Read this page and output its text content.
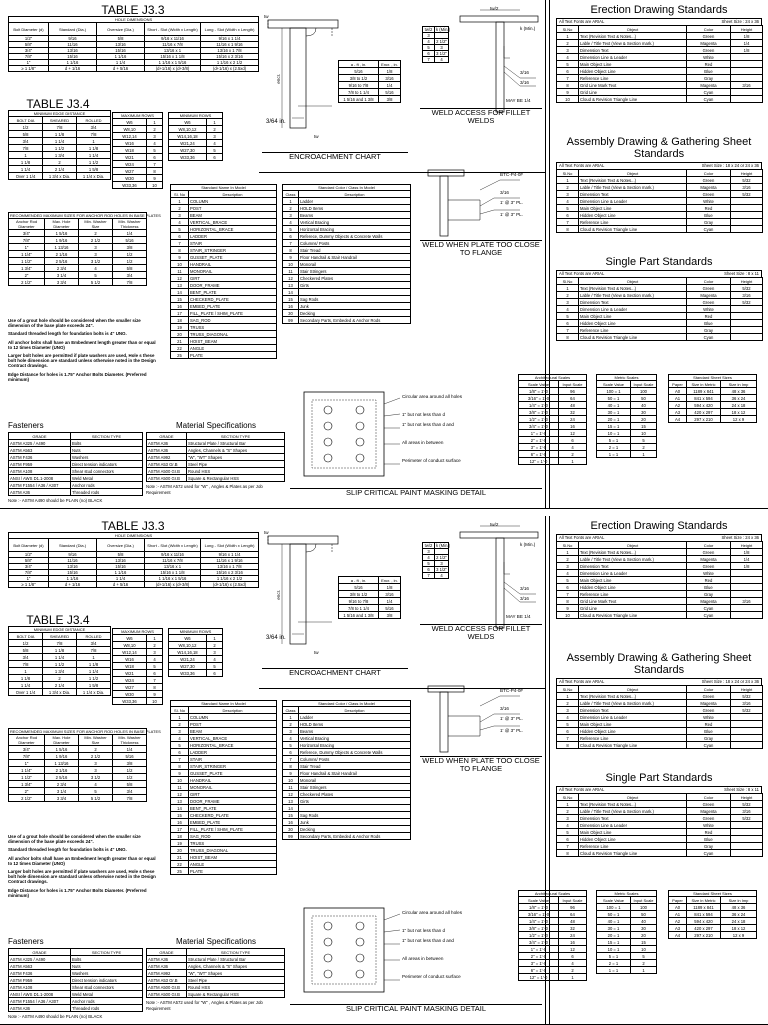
TABLE J3.3
HOLE DIMENSIONS				
Bolt Diameter (d)	Standard (Dia.)	Oversize (Dia.)	Short - Slot (Width x Length)	Long - Slot (Width x Length)
1/2"	9/16	5/8	9/16 x 11/16	9/16 x 1 1/4
5/8"	11/16	13/16	11/16 x 7/8	11/16 x 1 9/16
3/4"	13/16	15/16	13/16 x 1	13/16 x 1 7/8
7/8"	15/16	1 1/16	15/16 x 1 1/8	15/16 x 2 3/16
1"	1 1/16	1 1/4	1 1/16 x 1 5/16	1 1/16 x 2 1/2
≥ 1 1/8"	d + 1/16	d + 5/16	(d+1/16) x (d+3/8)	(d+1/16) x (2.5xd)
TABLE J3.4
MINIMUM EDGE DISTANCE		
BOLT DIA	SHEARED	ROLLED
1/2	7/8	3/4
5/8	1 1/8	7/8
3/4	1 1/4	1
7/8	1 1/2	1 1/8
1	1 3/4	1 1/4
1 1/8	2	1 1/2
1 1/4	2 1/4	1 5/8
Over 1 1/4	1 3/4 x Dia.	1 1/4 x Dia.
MAXIMUM ROWS	
W6	1
W8,10	2
W12,14	3
W16	4
W18	5
W21	6
W24	7
W27	8
W30	9
W33,36	10
MINIMUM ROWS	
W6	1
W8,10,12	2
W14,16,18	3
W21,24	4
W27,30	5
W33,36	6
RECOMMENDED MAXIMUM SIZES FOR ANCHOR ROD HOLES IN BASE PLATES			
Anchor Rod Diameter	Max. Hole Diameter	Min. Washer Size	Min. Washer Thickness
3/4"	1 5/16	2	1/4
7/8"	1 9/16	2 1/2	5/16
1"	1 13/16	3	3/8
1 1/4"	2 1/16	3	1/2
1 1/2"	2 5/16	3 1/2	1/2
1 3/4"	2 3/4	4	5/8
2"	3 1/4	5	3/4
2 1/2"	3 3/4	5 1/2	7/8

Use of a grout hole should be considered when the smaller size dimension of the base plate exceeds 24".

Standard threaded length for foundation bolts is 4" UNO.

All anchor bolts shall have an Embedment length greater than or equal to 12 times Diameter (UNO)

Larger bolt holes are permitted if plate washers are used, Hole s these bolt hole dimension are standard unless otherwise noted in the Design Contract drawings.

Edge Distance for holes is 1.75" Anchor Bolts Diameter. (Preferred minimum)

Fasteners
GRADE	SECTION TYPE
ASTM A325 / A490	Bolts
ASTM A563	Nuts
ASTM F436	Washers
ASTM F959	Direct tension indicators
ASTM A108	Shear stud connectors
ANSI / AWS D1.1-2008	Weld Metal
ASTM F1554 / A36 / A307	Anchor rods
ASTM A36	Threaded rods
Note :- ASTM A490 should be PLAIN (no) BLACK
Material Specifications
GRADE	SECTION TYPE
ASTM A36	Structural Plate / Structural Bar
ASTM A36	Angles, Channels & "S" Shapes
ASTM A992	"W", "WT" Shapes
ASTM A53 Gr.B	Steel Pipe
ASTM A500 Gr.B	Round HSS
ASTM A500 Gr.B	Square & Rectangular HSS
Note :- ASTM A572 used for "W" , Angles & Plates as per Job Requirement
Standard Name In Model	
Sl. No	Description
1	COLUMN
2	POST
3	BEAM
4	VERTICAL_BRACE
5	HORIZONTAL_BRACE
6	LADDER
7	STAIR
8	STAIR_STRINGER
9	GUSSET_PLATE
10	HANDRAIL
11	MONORAIL
12	GIRT
13	DOOR_FRAME
14	BENT_PLATE
15	CHECKERD_PLATE
16	EMBED_PLATE
17	FILL_PLATE / SHIM_PLATE
18	SAG_ROD
19	TRUSS
20	TRUSS_DIAGONAL
21	HOIST_BEAM
22	ANGLE
25	PLATE
Standard Color / Class In Model	
Class	Description
1	Ladder
2	HOLD Items
3	Beams
4	Vertical Bracing
5	Horizontal Bracing
6	Referece, Dummy Objects & Concrete Walls
7	Columns/ Posts
8	Stair Tread
9	Floor Handrail & Stair Handrail
10	Monorail
11	Stair Stringers
12	Checkered Plates
13	Girts
14	
15	Sag Rods
16	Junk
30	Decking
99	Secondary Parts, Embeded & Anchor Rods
tw
encr.
3/64 in.
tw
a - ft , in.	Encr. , in.
5/16	1/8
3/8 to 1/2	3/16
9/16 to 7/8	1/4
7/8 to 1 1/4	5/16
1 5/16 and 1 3/8	3/8
ENCROACHMENT CHART
tw/2	k (Min.)
3	
4	2 1/2"
5	3
6	3 1/2"
7	4
tw/2
k (Min.)
3/16
3/16
MAY BE 1/4
WELD ACCESS FOR FILLET WELDS
BTC-P4-0F
3/16
1' @ 3" PL.
1' @ 3" PL.
WELD WHEN PLATE TOO CLOSE TO FLANGE
Circular area around all holes
1" but not less than d
1" but not less than d and
All areas in between
Perimeter of conduct surface
SLIP CRITICAL PAINT MASKING DETAIL
Erection Drawing Standards
All Text Fonts are ARIAL	Sheet Size : 24 x 36
Sl.No	Object	Color	Height
1	Text (Revision Text & Notes...)	Green	1/8
2	Lable / Title Text (View & Section mark.)	Magenta	1/4
3	Dimension Text	Green	1/8
4	Dimension Line & Leader	White	
5	Main Object Line	Red	
6	Hidden Object Line	Blue	
7	Reference Line	Gray	
8	Grid Line Mark Text	Magenta	3/16
9	Grid Line	Cyan	
10	Cloud & Revision Triangle Line	Cyan	
Assembly Drawing & Gathering Sheet Standards
All Text Fonts are ARIAL	Sheet Size : 18 x 24 or 24 x 36
Sl.No	Object	Color	Height
1	Text (Revision Text & Notes...)	Green	5/32
2	Lable / Title Text (View & Section mark.)	Magenta	3/16
3	Dimension Text	Green	5/32
4	Dimension Line & Leader	White	
5	Main Object Line	Red	
6	Hidden Object Line	Blue	
7	Reference Line	Gray	
8	Cloud & Revision Triangle Line	Cyan	
Single Part Standards
All Text Fonts are ARIAL	Sheet Size : 8 x 11
Sl.No	Object	Color	Height
1	Text (Revision Text & Notes...)	Green	5/32
2	Lable / Title Text (View & Section mark.)	Magenta	3/16
3	Dimension Text	Green	5/32
4	Dimension Line & Leader	White	
5	Main Object Line	Red	
6	Hidden Object Line	Blue	
7	Reference Line	Gray	
8	Cloud & Revision Triangle Line	Cyan	
Architectural Scales	
Scale Value	Input Scale
1/8" = 1'-0	96
3/16" = 1'-0	64
1/4" = 1'-0	48
3/8" = 1'-0	32
1/2" = 1'-0	24
3/4" = 1'-0	16
1" = 1'-0	12
2" = 1'-0	6
3" = 1'-0	4
6" = 1'-0	2
12" = 1'-0	1
Metric Scales	
Scale Value	Input Scale
100 = 1	100
50 = 1	50
40 = 1	40
30 = 1	30
20 = 1	20
15 = 1	15
10 = 1	10
5 = 1	5
2 = 1	2
1 = 1	1
Standard Sheet Sizes		
Paper	Size in Metric	Size in Imp
A0	1189 x 841	48 x 36
A1	841 x 594	36 x 24
A2	594 x 420	24 x 18
A3	420 x 297	18 x 12
A4	297 x 210	12 x 9
TABLE J3.3
HOLE DIMENSIONS				
Bolt Diameter (d)	Standard (Dia.)	Oversize (Dia.)	Short - Slot (Width x Length)	Long - Slot (Width x Length)
1/2"	9/16	5/8	9/16 x 11/16	9/16 x 1 1/4
5/8"	11/16	13/16	11/16 x 7/8	11/16 x 1 9/16
3/4"	13/16	15/16	13/16 x 1	13/16 x 1 7/8
7/8"	15/16	1 1/16	15/16 x 1 1/8	15/16 x 2 3/16
1"	1 1/16	1 1/4	1 1/16 x 1 5/16	1 1/16 x 2 1/2
≥ 1 1/8"	d + 1/16	d + 5/16	(d+1/16) x (d+3/8)	(d+1/16) x (2.5xd)
TABLE J3.4
MINIMUM EDGE DISTANCE		
BOLT DIA	SHEARED	ROLLED
1/2	7/8	3/4
5/8	1 1/8	7/8
3/4	1 1/4	1
7/8	1 1/2	1 1/8
1	1 3/4	1 1/4
1 1/8	2	1 1/2
1 1/4	2 1/4	1 5/8
Over 1 1/4	1 3/4 x Dia.	1 1/4 x Dia.
MAXIMUM ROWS	
W6	1
W8,10	2
W12,14	3
W16	4
W18	5
W21	6
W24	7
W27	8
W30	9
W33,36	10
MINIMUM ROWS	
W6	1
W8,10,12	2
W14,16,18	3
W21,24	4
W27,30	5
W33,36	6
RECOMMENDED MAXIMUM SIZES FOR ANCHOR ROD HOLES IN BASE PLATES			
Anchor Rod Diameter	Max. Hole Diameter	Min. Washer Size	Min. Washer Thickness
3/4"	1 5/16	2	1/4
7/8"	1 9/16	2 1/2	5/16
1"	1 13/16	3	3/8
1 1/4"	2 1/16	3	1/2
1 1/2"	2 5/16	3 1/2	1/2
1 3/4"	2 3/4	4	5/8
2"	3 1/4	5	3/4
2 1/2"	3 3/4	5 1/2	7/8

Use of a grout hole should be considered when the smaller size dimension of the base plate exceeds 24".

Standard threaded length for foundation bolts is 4" UNO.

All anchor bolts shall have an Embedment length greater than or equal to 12 times Diameter (UNO)

Larger bolt holes are permitted if plate washers are used, Hole s these bolt hole dimension are standard unless otherwise noted in the Design Contract drawings.

Edge Distance for holes is 1.75" Anchor Bolts Diameter. (Preferred minimum)

Fasteners
GRADE	SECTION TYPE
ASTM A325 / A490	Bolts
ASTM A563	Nuts
ASTM F436	Washers
ASTM F959	Direct tension indicators
ASTM A108	Shear stud connectors
ANSI / AWS D1.1-2008	Weld Metal
ASTM F1554 / A36 / A307	Anchor rods
ASTM A36	Threaded rods
Note :- ASTM A490 should be PLAIN (no) BLACK
Material Specifications
GRADE	SECTION TYPE
ASTM A36	Structural Plate / Structural Bar
ASTM A36	Angles, Channels & "S" Shapes
ASTM A992	"W", "WT" Shapes
ASTM A53 Gr.B	Steel Pipe
ASTM A500 Gr.B	Round HSS
ASTM A500 Gr.B	Square & Rectangular HSS
Note :- ASTM A572 used for "W" , Angles & Plates as per Job Requirement
Standard Name In Model	
Sl. No	Description
1	COLUMN
2	POST
3	BEAM
4	VERTICAL_BRACE
5	HORIZONTAL_BRACE
6	LADDER
7	STAIR
8	STAIR_STRINGER
9	GUSSET_PLATE
10	HANDRAIL
11	MONORAIL
12	GIRT
13	DOOR_FRAME
14	BENT_PLATE
15	CHECKERD_PLATE
16	EMBED_PLATE
17	FILL_PLATE / SHIM_PLATE
18	SAG_ROD
19	TRUSS
20	TRUSS_DIAGONAL
21	HOIST_BEAM
22	ANGLE
25	PLATE
Standard Color / Class In Model	
Class	Description
1	Ladder
2	HOLD Items
3	Beams
4	Vertical Bracing
5	Horizontal Bracing
6	Referece, Dummy Objects & Concrete Walls
7	Columns/ Posts
8	Stair Tread
9	Floor Handrail & Stair Handrail
10	Monorail
11	Stair Stringers
12	Checkered Plates
13	Girts
14	
15	Sag Rods
16	Junk
30	Decking
99	Secondary Parts, Embeded & Anchor Rods
tw
encr.
3/64 in.
tw
a - ft , in.	Encr. , in.
5/16	1/8
3/8 to 1/2	3/16
9/16 to 7/8	1/4
7/8 to 1 1/4	5/16
1 5/16 and 1 3/8	3/8
ENCROACHMENT CHART
tw/2	k (Min.)
3	
4	2 1/2"
5	3
6	3 1/2"
7	4
tw/2
k (Min.)
3/16
3/16
MAY BE 1/4
WELD ACCESS FOR FILLET WELDS
BTC-P4-0F
3/16
1' @ 3" PL.
1' @ 3" PL.
WELD WHEN PLATE TOO CLOSE TO FLANGE
Circular area around all holes
1" but not less than d
1" but not less than d and
All areas in between
Perimeter of conduct surface
SLIP CRITICAL PAINT MASKING DETAIL
Erection Drawing Standards
All Text Fonts are ARIAL	Sheet Size : 24 x 36
Sl.No	Object	Color	Height
1	Text (Revision Text & Notes...)	Green	1/8
2	Lable / Title Text (View & Section mark.)	Magenta	1/4
3	Dimension Text	Green	1/8
4	Dimension Line & Leader	White	
5	Main Object Line	Red	
6	Hidden Object Line	Blue	
7	Reference Line	Gray	
8	Grid Line Mark Text	Magenta	3/16
9	Grid Line	Cyan	
10	Cloud & Revision Triangle Line	Cyan	
Assembly Drawing & Gathering Sheet Standards
All Text Fonts are ARIAL	Sheet Size : 18 x 24 or 24 x 36
Sl.No	Object	Color	Height
1	Text (Revision Text & Notes...)	Green	5/32
2	Lable / Title Text (View & Section mark.)	Magenta	3/16
3	Dimension Text	Green	5/32
4	Dimension Line & Leader	White	
5	Main Object Line	Red	
6	Hidden Object Line	Blue	
7	Reference Line	Gray	
8	Cloud & Revision Triangle Line	Cyan	
Single Part Standards
All Text Fonts are ARIAL	Sheet Size : 8 x 11
Sl.No	Object	Color	Height
1	Text (Revision Text & Notes...)	Green	5/32
2	Lable / Title Text (View & Section mark.)	Magenta	3/16
3	Dimension Text	Green	5/32
4	Dimension Line & Leader	White	
5	Main Object Line	Red	
6	Hidden Object Line	Blue	
7	Reference Line	Gray	
8	Cloud & Revision Triangle Line	Cyan	
Architectural Scales	
Scale Value	Input Scale
1/8" = 1'-0	96
3/16" = 1'-0	64
1/4" = 1'-0	48
3/8" = 1'-0	32
1/2" = 1'-0	24
3/4" = 1'-0	16
1" = 1'-0	12
2" = 1'-0	6
3" = 1'-0	4
6" = 1'-0	2
12" = 1'-0	1
Metric Scales	
Scale Value	Input Scale
100 = 1	100
50 = 1	50
40 = 1	40
30 = 1	30
20 = 1	20
15 = 1	15
10 = 1	10
5 = 1	5
2 = 1	2
1 = 1	1
Standard Sheet Sizes		
Paper	Size in Metric	Size in Imp
A0	1189 x 841	48 x 36
A1	841 x 594	36 x 24
A2	594 x 420	24 x 18
A3	420 x 297	18 x 12
A4	297 x 210	12 x 9
